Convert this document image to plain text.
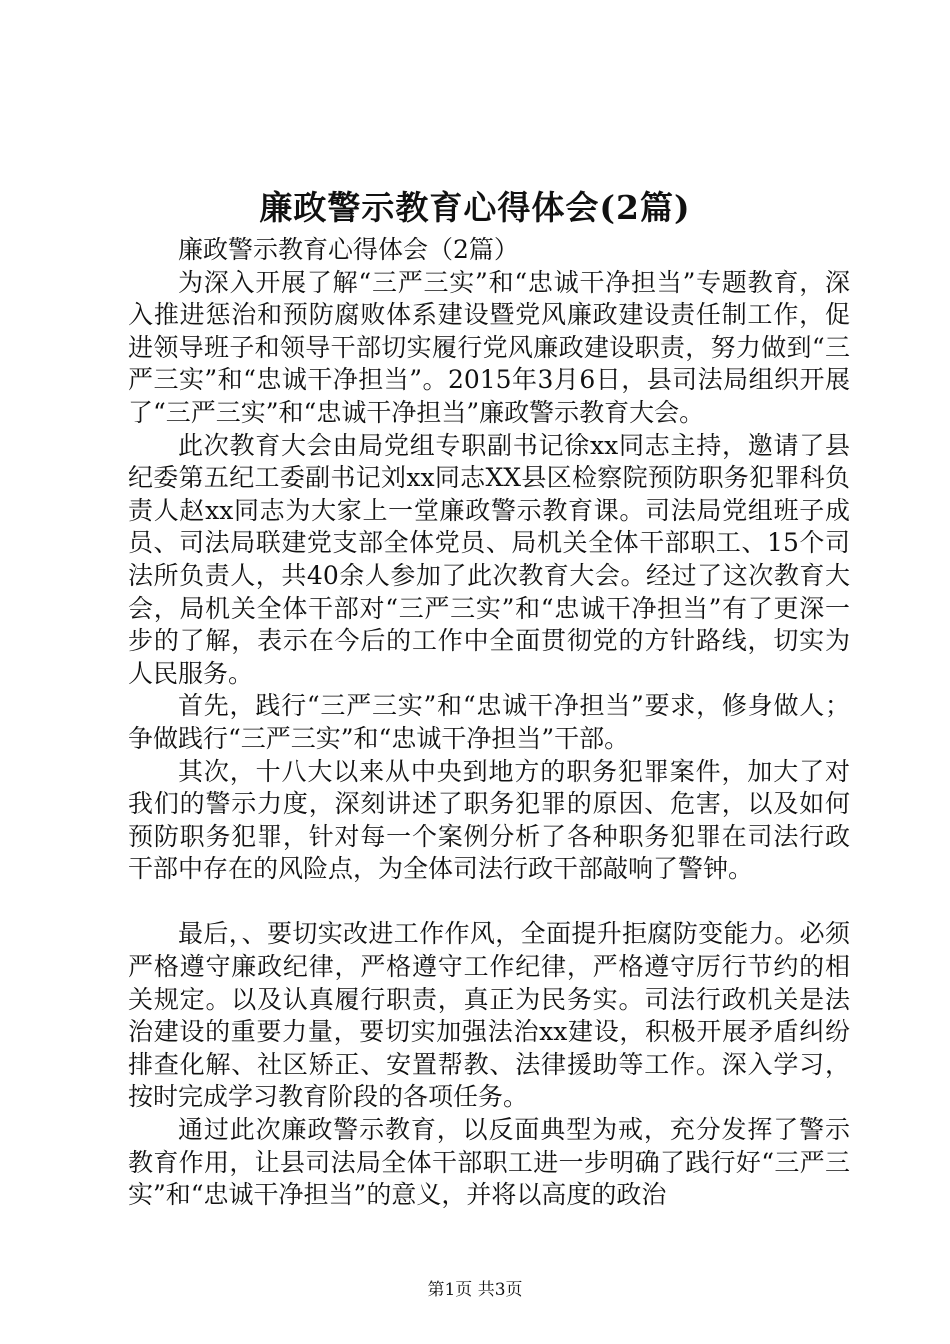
廉政警示教育心得体会(2篇)

廉政警示教育心得体会（2篇）

为深入开展了解“三严三实”和“忠诚干净担当”专题教育，深入推进惩治和预防腐败体系建设暨党风廉政建设责任制工作，促进领导班子和领导干部切实履行党风廉政建设职责，努力做到“三严三实”和“忠诚干净担当”。2015年3月6日，县司法局组织开展了“三严三实”和“忠诚干净担当”廉政警示教育大会。

此次教育大会由局党组专职副书记徐xx同志主持，邀请了县纪委第五纪工委副书记刘xx同志XX县区检察院预防职务犯罪科负责人赵xx同志为大家上一堂廉政警示教育课。司法局党组班子成员、司法局联建党支部全体党员、局机关全体干部职工、15个司法所负责人，共40余人参加了此次教育大会。经过了这次教育大会，局机关全体干部对“三严三实”和“忠诚干净担当”有了更深一步的了解，表示在今后的工作中全面贯彻党的方针路线，切实为人民服务。

首先，践行“三严三实”和“忠诚干净担当”要求，修身做人；争做践行“三严三实”和“忠诚干净担当”干部。

其次，十八大以来从中央到地方的职务犯罪案件，加大了对我们的警示力度，深刻讲述了职务犯罪的原因、危害，以及如何预防职务犯罪，针对每一个案例分析了各种职务犯罪在司法行政干部中存在的风险点，为全体司法行政干部敲响了警钟。

最后，、要切实改进工作作风，全面提升拒腐防变能力。必须严格遵守廉政纪律，严格遵守工作纪律，严格遵守厉行节约的相关规定。以及认真履行职责，真正为民务实。司法行政机关是法治建设的重要力量，要切实加强法治xx建设，积极开展矛盾纠纷排查化解、社区矫正、安置帮教、法律援助等工作。深入学习，按时完成学习教育阶段的各项任务。

通过此次廉政警示教育，以反面典型为戒，充分发挥了警示教育作用，让县司法局全体干部职工进一步明确了践行好“三严三实”和“忠诚干净担当”的意义，并将以高度的政治

第1页 共3页
